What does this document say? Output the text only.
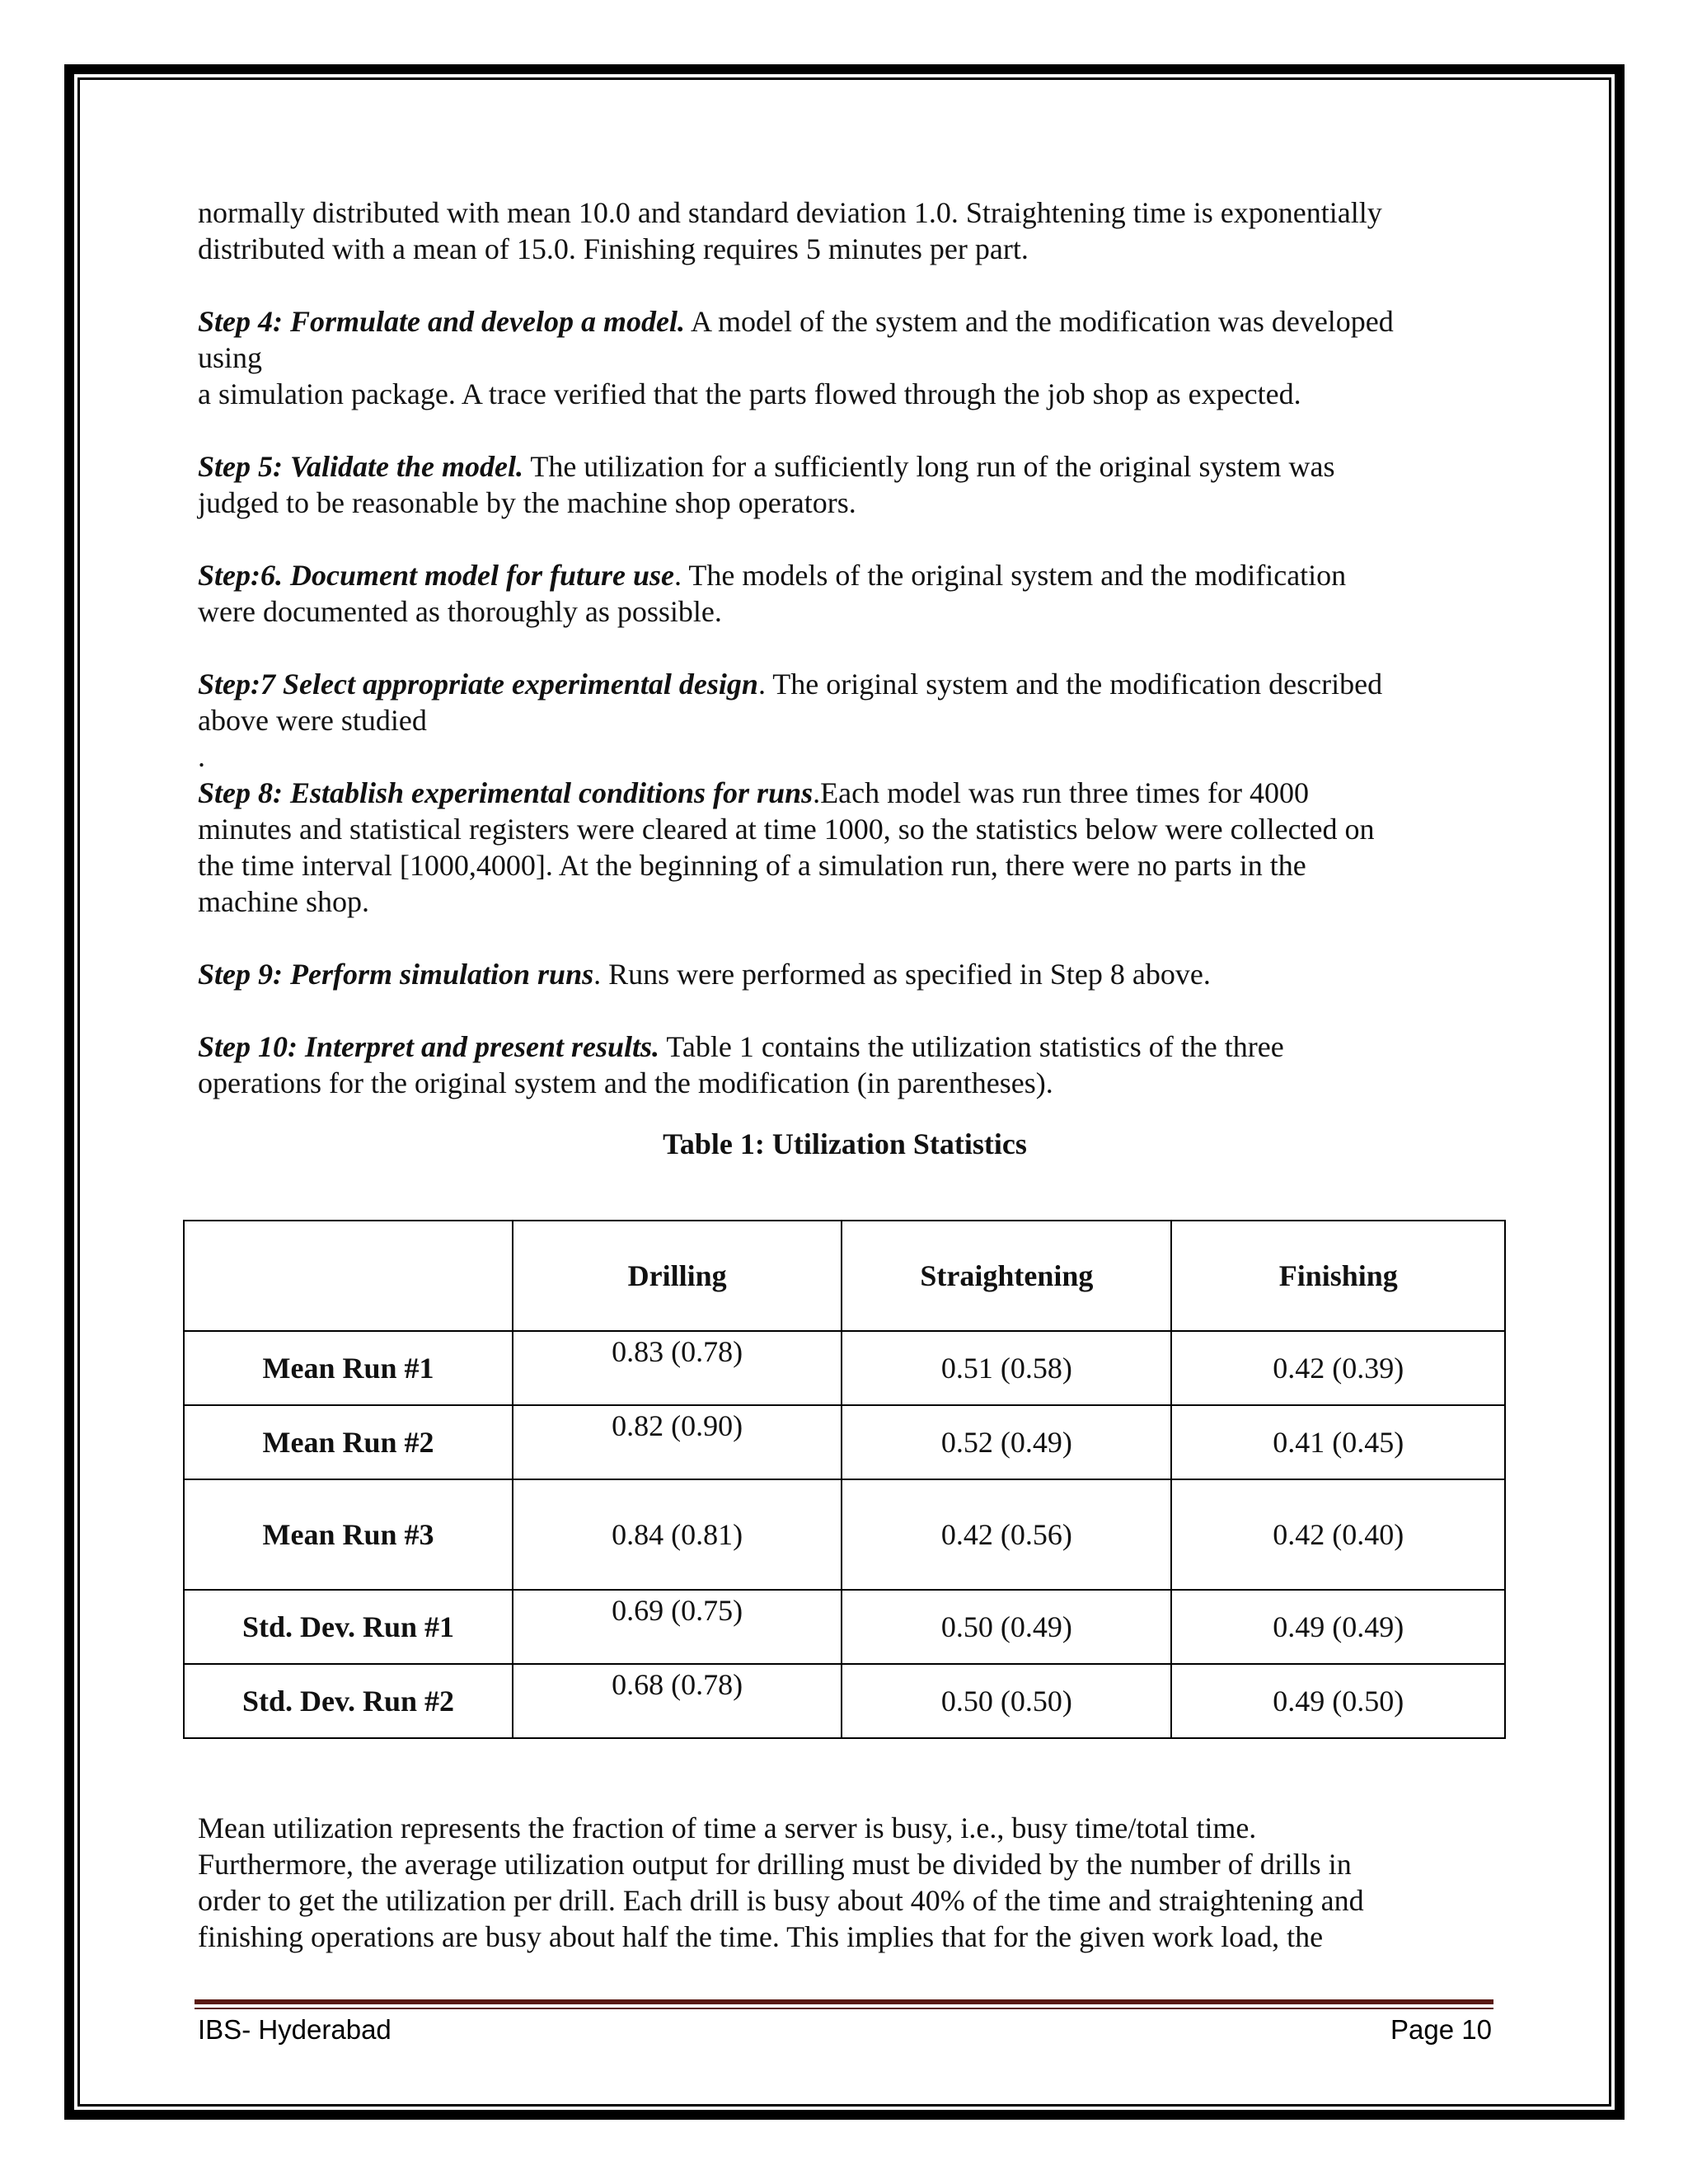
normally distributed with mean 10.0 and standard deviation 1.0. Straightening time is exponentially
distributed with a mean of 15.0. Finishing requires 5 minutes per part.

Step 4: Formulate and develop a model. A model of the system and the modification was developed
using
a simulation package. A trace verified that the parts flowed through the job shop as expected.

Step 5: Validate the model. The utilization for a sufficiently long run of the original system was
judged to be reasonable by the machine shop operators.

Step:6. Document model for future use. The models of the original system and the modification
were documented as thoroughly as possible.

Step:7 Select appropriate experimental design. The original system and the modification described
above were studied

.

Step 8: Establish experimental conditions for runs.Each model was run three times for 4000
minutes and statistical registers were cleared at time 1000, so the statistics below were collected on
the time interval [1000,4000]. At the beginning of a simulation run, there were no parts in the
machine shop.

Step 9: Perform simulation runs. Runs were performed as specified in Step 8 above.

Step 10: Interpret and present results. Table 1 contains the utilization statistics of the three
operations for the original system and the modification (in parentheses).

Table 1: Utilization Statistics
	Drilling	Straightening	Finishing
Mean Run #1	0.83 (0.78)	0.51 (0.58)	0.42 (0.39)
Mean Run #2	0.82 (0.90)	0.52 (0.49)	0.41 (0.45)
Mean Run #3	0.84 (0.81)	0.42 (0.56)	0.42 (0.40)
Std. Dev. Run #1	0.69 (0.75)	0.50 (0.49)	0.49 (0.49)
Std. Dev. Run #2	0.68 (0.78)	0.50 (0.50)	0.49 (0.50)
Mean utilization represents the fraction of time a server is busy, i.e., busy time/total time.
Furthermore, the average utilization output for drilling must be divided by the number of drills in
order to get the utilization per drill. Each drill is busy about 40% of the time and straightening and
finishing operations are busy about half the time. This implies that for the given work load, the
IBS- Hyderabad	Page 10
